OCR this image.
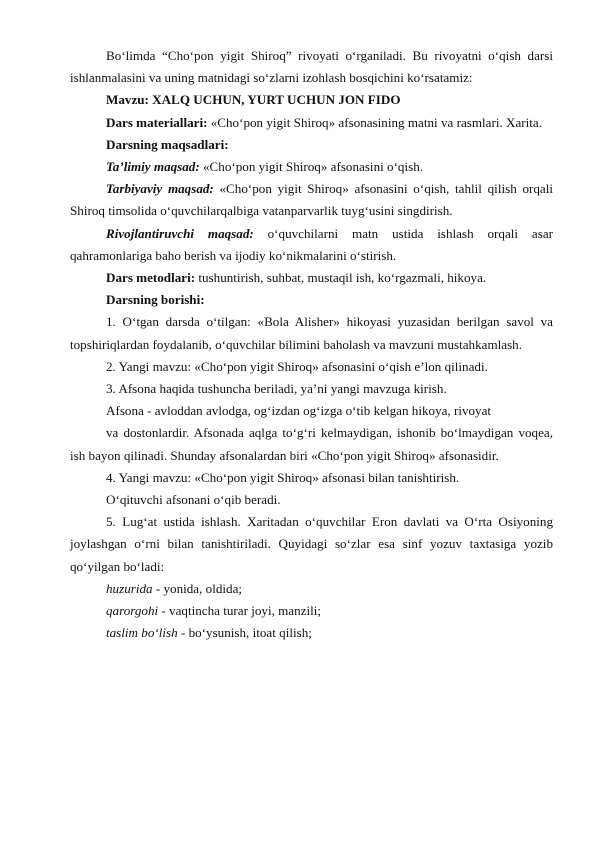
Bo‘limda “Cho‘pon yigit Shiroq” rivoyati o‘rganiladi. Bu rivoyatni o‘qish darsi ishlanmalasini va uning matnidagi so‘zlarni izohlash bosqichini ko‘rsatamiz:

Mavzu: XALQ UCHUN, YURT UCHUN JON FIDO

Dars materiallari: «Cho‘pon yigit Shiroq» afsonasining matni va rasmlari. Xarita.

Darsning maqsadlari:

Ta’limiy maqsad: «Cho‘pon yigit Shiroq» afsonasini o‘qish.

Tarbiyaviy maqsad: «Cho‘pon yigit Shiroq» afsonasini o‘qish, tahlil qilish orqali Shiroq timsolida o‘quvchilarqalbiga vatanparvarlik tuyg‘usini singdirish.

Rivojlantiruvchi maqsad: o‘quvchilarni matn ustida ishlash orqali asar qahramonlariga baho berish va ijodiy ko‘nikmalarini o‘stirish.

Dars metodlari: tushuntirish, suhbat, mustaqil ish, ko‘rgazmali, hikoya.

Darsning borishi:

1. O‘tgan darsda o‘tilgan: «Bola Alisher» hikoyasi yuzasidan berilgan savol va topshiriqlardan foydalanib, o‘quvchilar bilimini baholash va mavzuni mustahkamlash.

2. Yangi mavzu: «Cho‘pon yigit Shiroq» afsonasini o‘qish e’lon qilinadi.

3. Afsona haqida tushuncha beriladi, ya’ni yangi mavzuga kirish.

Afsona - avloddan avlodga, og‘izdan og‘izga o‘tib kelgan hikoya, rivoyat

va dostonlardir. Afsonada aqlga to‘g‘ri kelmaydigan, ishonib bo‘lmaydigan voqea, ish bayon qilinadi. Shunday afsonalardan biri «Cho‘pon yigit Shiroq» afsonasidir.

4. Yangi mavzu: «Cho‘pon yigit Shiroq» afsonasi bilan tanishtirish.

O‘qituvchi afsonani o‘qib beradi.

5. Lug‘at ustida ishlash. Xaritadan o‘quvchilar Eron davlati va O‘rta Osiyoning joylashgan o‘rni bilan tanishtiriladi. Quyidagi so‘zlar esa sinf yozuv taxtasiga yozib qo‘yilgan bo‘ladi:

huzurida - yonida, oldida;

qarorgohi - vaqtincha turar joyi, manzili;

taslim bo‘lish - bo‘ysunish, itoat qilish;
